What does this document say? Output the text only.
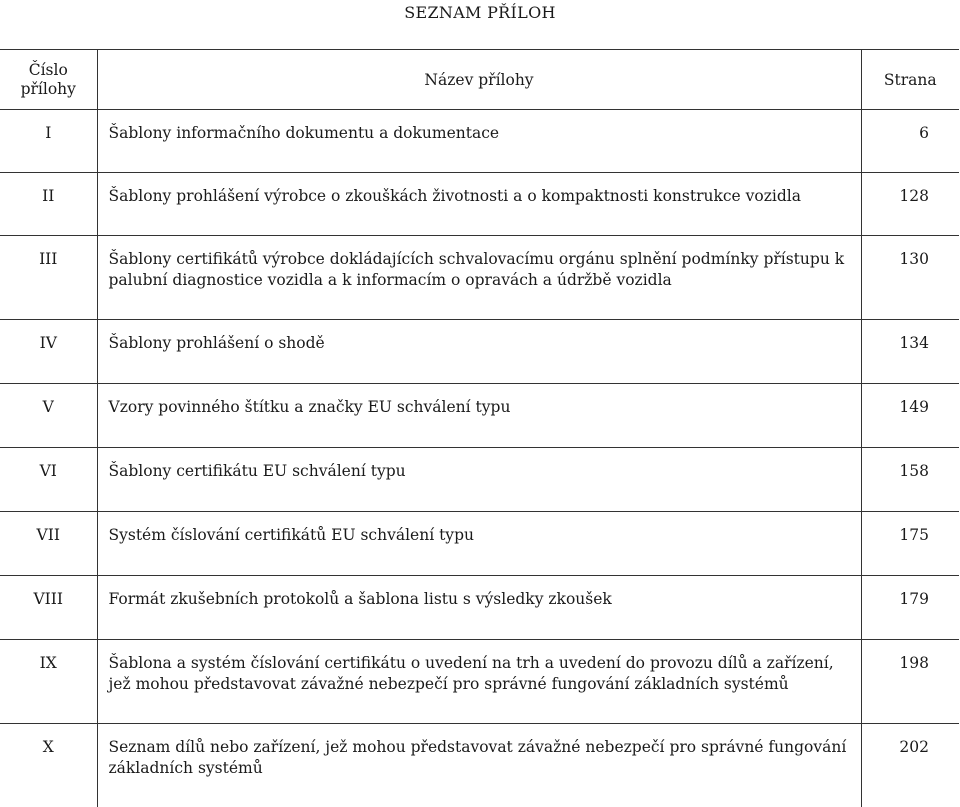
SEZNAM PŘÍLOH
Číslo
přílohy	Název přílohy	Strana
I	Šablony informačního dokumentu a dokumentace	6
II	Šablony prohlášení výrobce o zkouškách životnosti a o kompaktnosti konstrukce vozidla	128
III	Šablony certifikátů výrobce dokládajících schvalovacímu orgánu splnění podmínky přístupu k palubní diagnostice vozidla a k informacím o opravách a údržbě vozidla	130
IV	Šablony prohlášení o shodě	134
V	Vzory povinného štítku a značky EU schválení typu	149
VI	Šablony certifikátu EU schválení typu	158
VII	Systém číslování certifikátů EU schválení typu	175
VIII	Formát zkušebních protokolů a šablona listu s výsledky zkoušek	179
IX	Šablona a systém číslování certifikátu o uvedení na trh a uvedení do provozu dílů a zařízení, jež mohou představovat závažné nebezpečí pro správné fungování základních systémů	198
X	Seznam dílů nebo zařízení, jež mohou představovat závažné nebezpečí pro správné fungování základních systémů	202
